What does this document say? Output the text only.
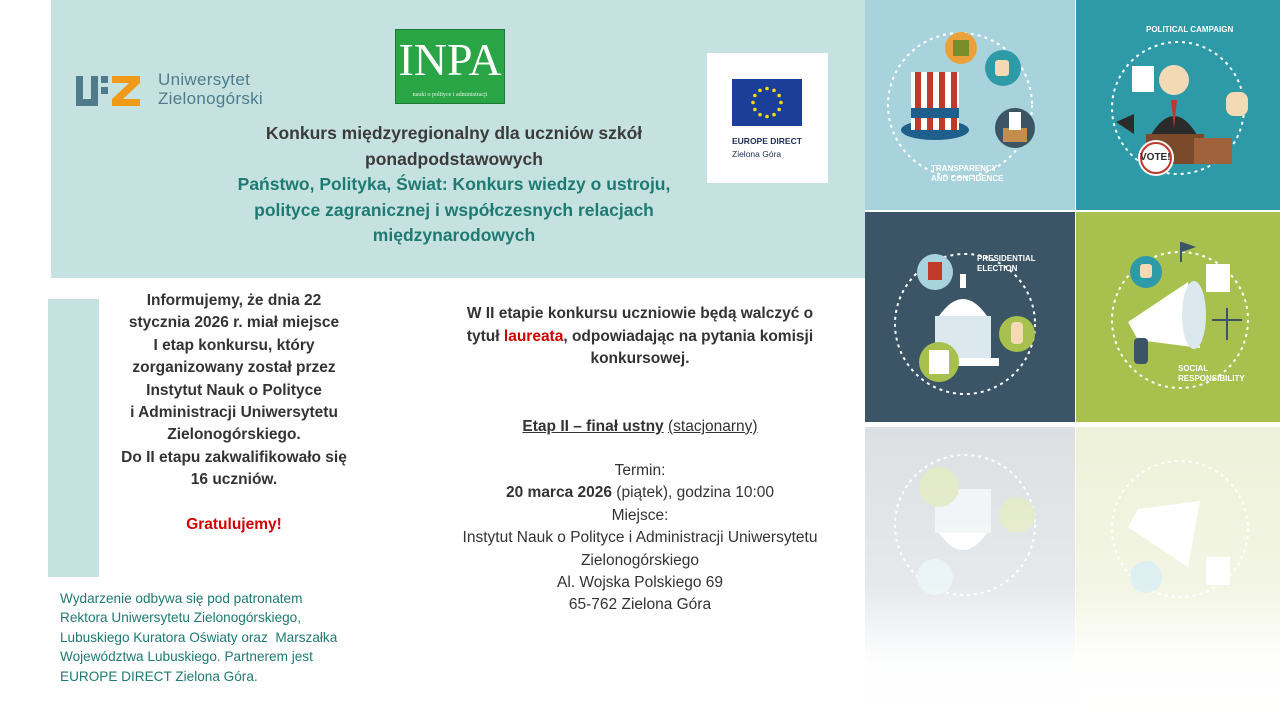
Uniwersytet
Zielonogórski
INPA
nauki o polityce i administracji
EUROPE DIRECT
Zielona Góra
Konkurs międzyregionalny dla uczniów szkół
ponadpodstawowych
Państwo, Polityka, Świat: Konkurs wiedzy o ustroju,
polityce zagranicznej i współczesnych relacjach
międzynarodowych
Informujemy, że dnia 22
stycznia 2026 r. miał miejsce
I etap konkursu, który
zorganizowany został przez
Instytut Nauk o Polityce
i Administracji Uniwersytetu
Zielonogórskiego.
Do II etapu zakwalifikowało się
16 uczniów.
Gratulujemy!
Wydarzenie odbywa się pod patronatem
Rektora Uniwersytetu Zielonogórskiego,
Lubuskiego Kuratora Oświaty oraz  Marszałka
Województwa Lubuskiego. Partnerem jest
EUROPE DIRECT Zielona Góra.
W II etapie konkursu uczniowie będą walczyć o
tytuł laureata, odpowiadając na pytania komisji
konkursowej.
Etap II – finał ustny (stacjonarny)
Termin:
20 marca 2026 (piątek), godzina 10:00
Miejsce:
Instytut Nauk o Polityce i Administracji Uniwersytetu
Zielonogórskiego
Al. Wojska Polskiego 69
65-762 Zielona Góra
TRANSPARENCY
AND CONFIDENCE
POLITICAL CAMPAIGN
VOTE!
PRESIDENTIAL
ELECTION
SOCIAL
RESPONSIBILITY
